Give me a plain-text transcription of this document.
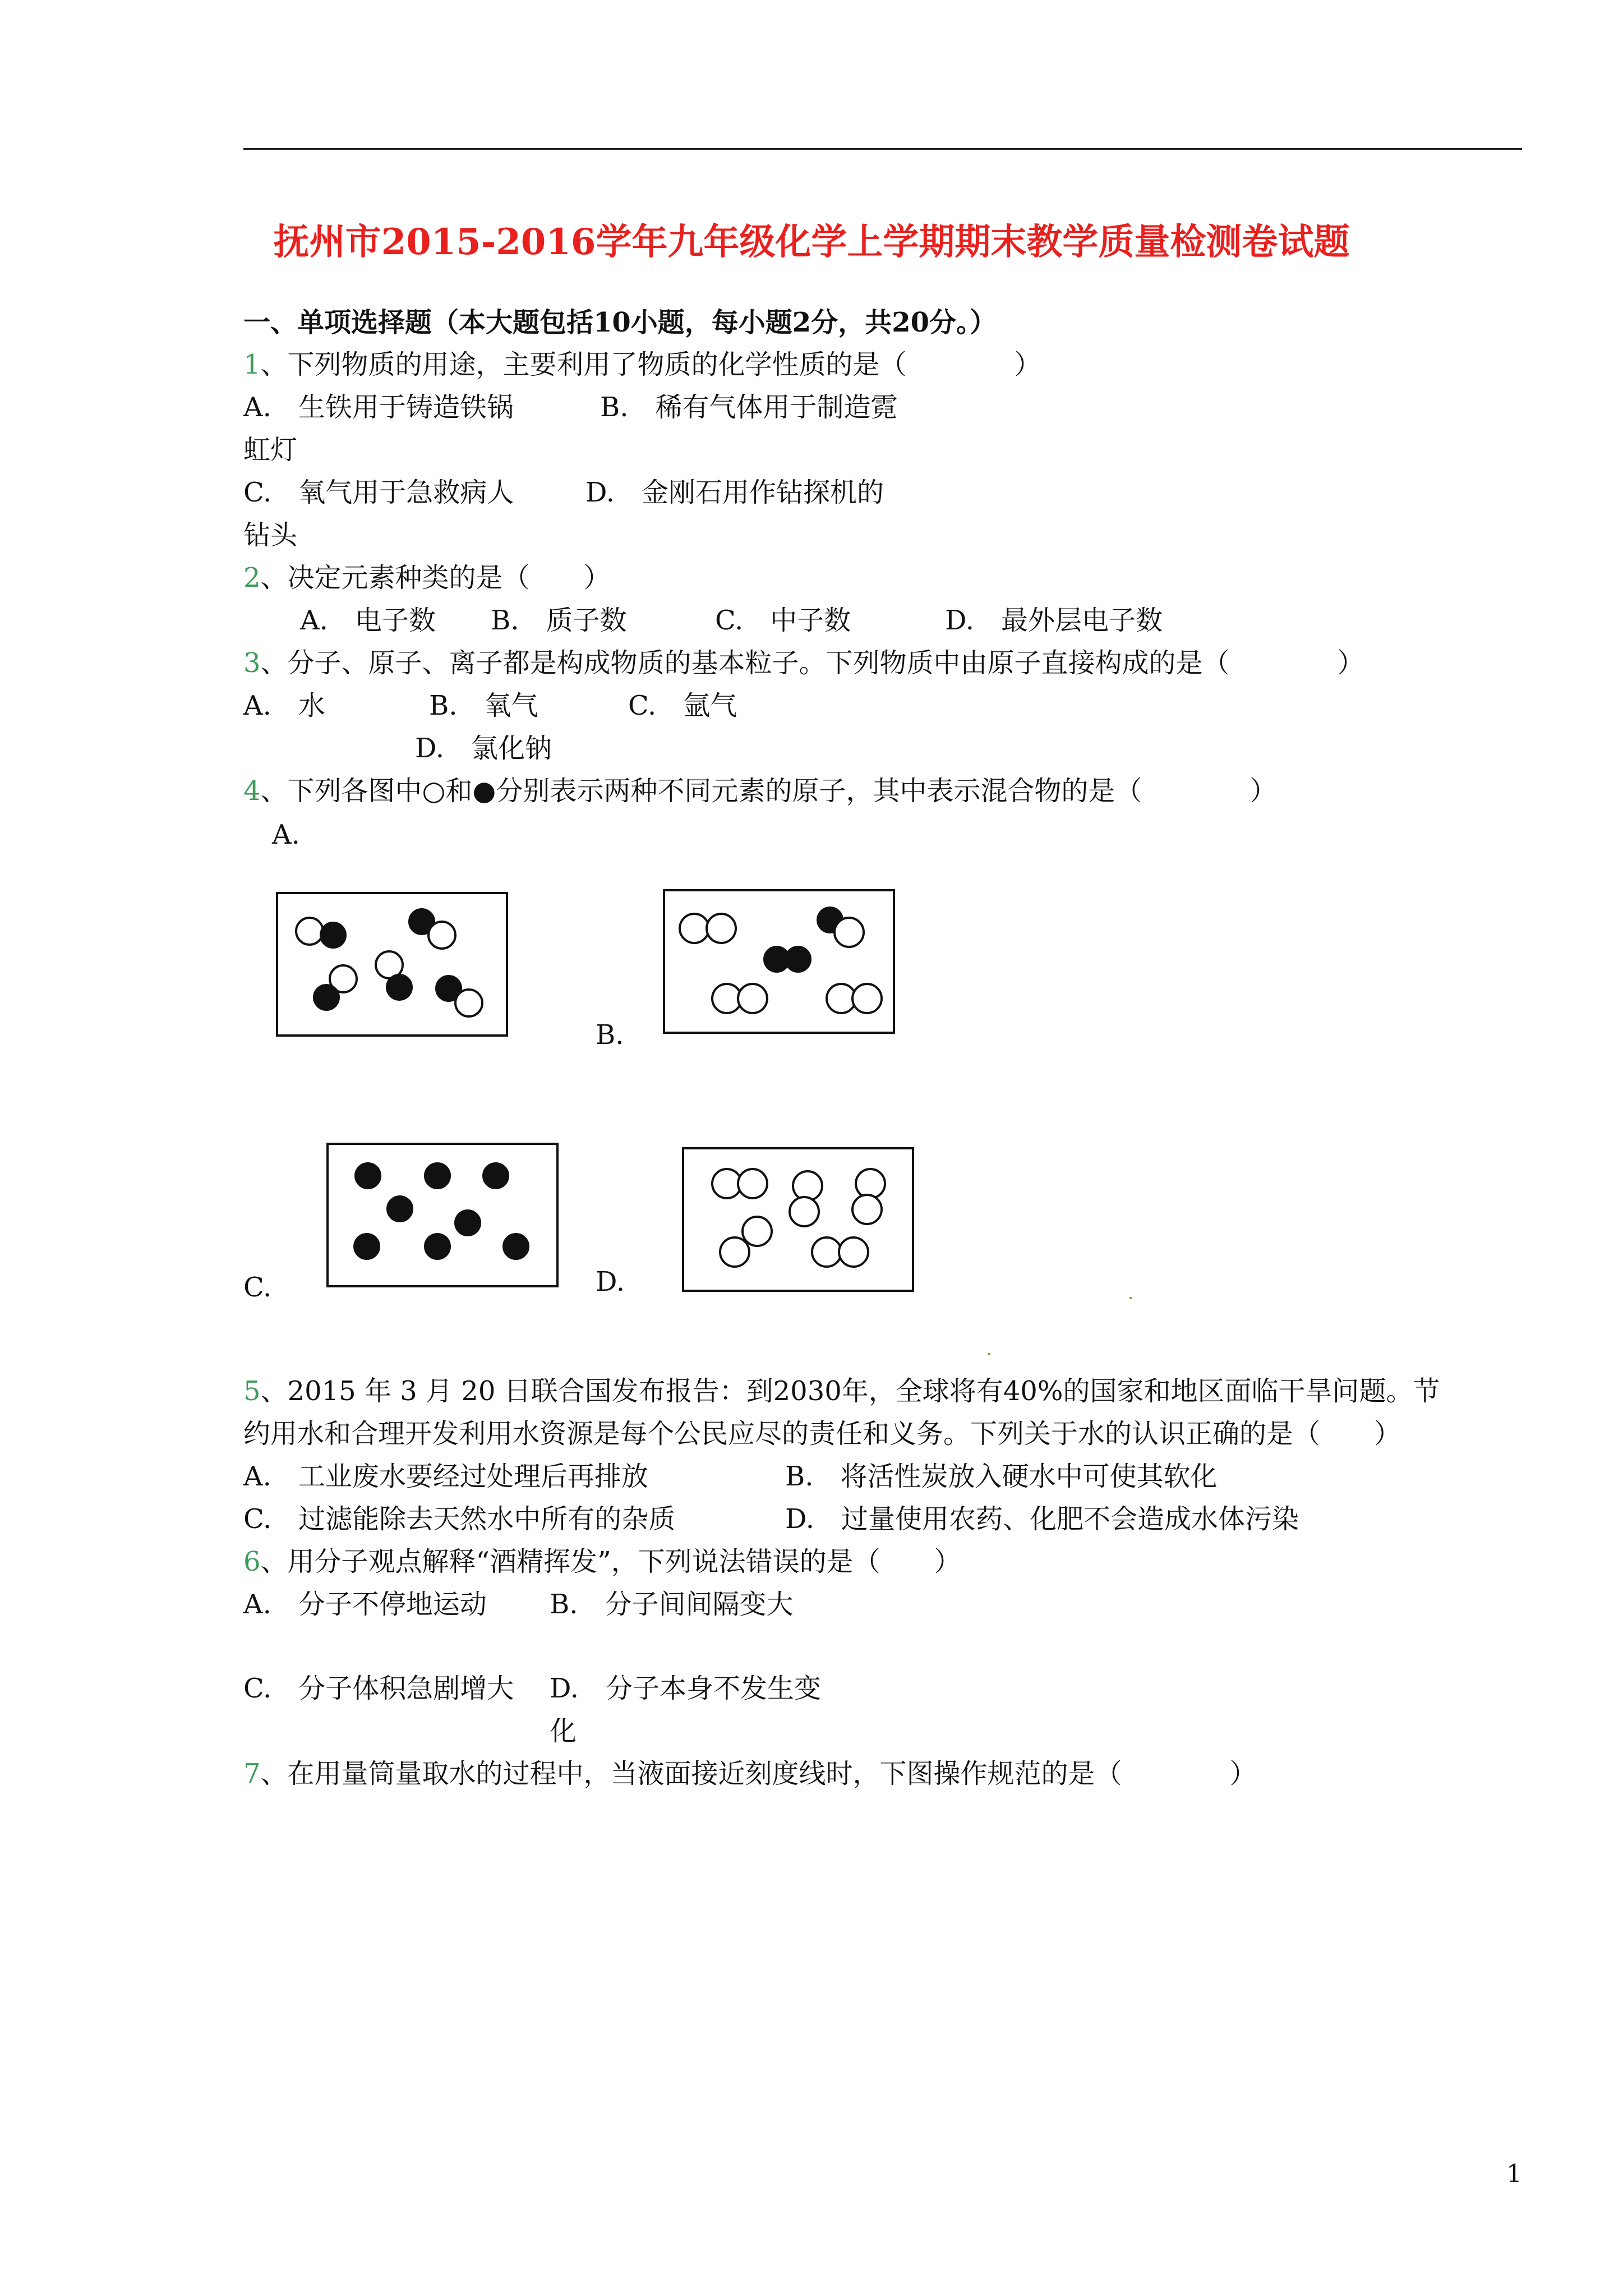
抚州市2015-2016学年九年级化学上学期期末教学质量检测卷试题
一、单项选择题（本大题包括10小题，每小题2分，共20分。）
1、下列物质的用途，主要利用了物质的化学性质的是（　　　　）
A.　生铁用于铸造铁锅	B.　稀有气体用于制造霓
虹灯
C.　氧气用于急救病人	D.　金刚石用作钻探机的
钻头
2、决定元素种类的是（　　）
A.　电子数 B.　质子数	C.　中子数	D.　最外层电子数
3、分子、原子、离子都是构成物质的基本粒子。下列物质中由原子直接构成的是（　　　　）
A.　水	B.　氧气	C.　氩气
D.　氯化钠
4、下列各图中○和●分别表示两种不同元素的原子，其中表示混合物的是（　　　　）
A.
B.
C.	D.
5、2015 年 3 月 20 日联合国发布报告：到2030年，全球将有40%的国家和地区面临干旱问题。节
约用水和合理开发利用水资源是每个公民应尽的责任和义务。下列关于水的认识正确的是（　　）
A.　工业废水要经过处理后再排放	B.　将活性炭放入硬水中可使其软化
C.　过滤能除去天然水中所有的杂质	D.　过量使用农药、化肥不会造成水体污染
6、用分子观点解释“酒精挥发”，下列说法错误的是（　　）
A.　分子不停地运动 B.　分子间间隔变大
C.　分子体积急剧增大 D.　分子本身不发生变
化
7、在用量筒量取水的过程中，当液面接近刻度线时，下图操作规范的是（　　　　）
1
